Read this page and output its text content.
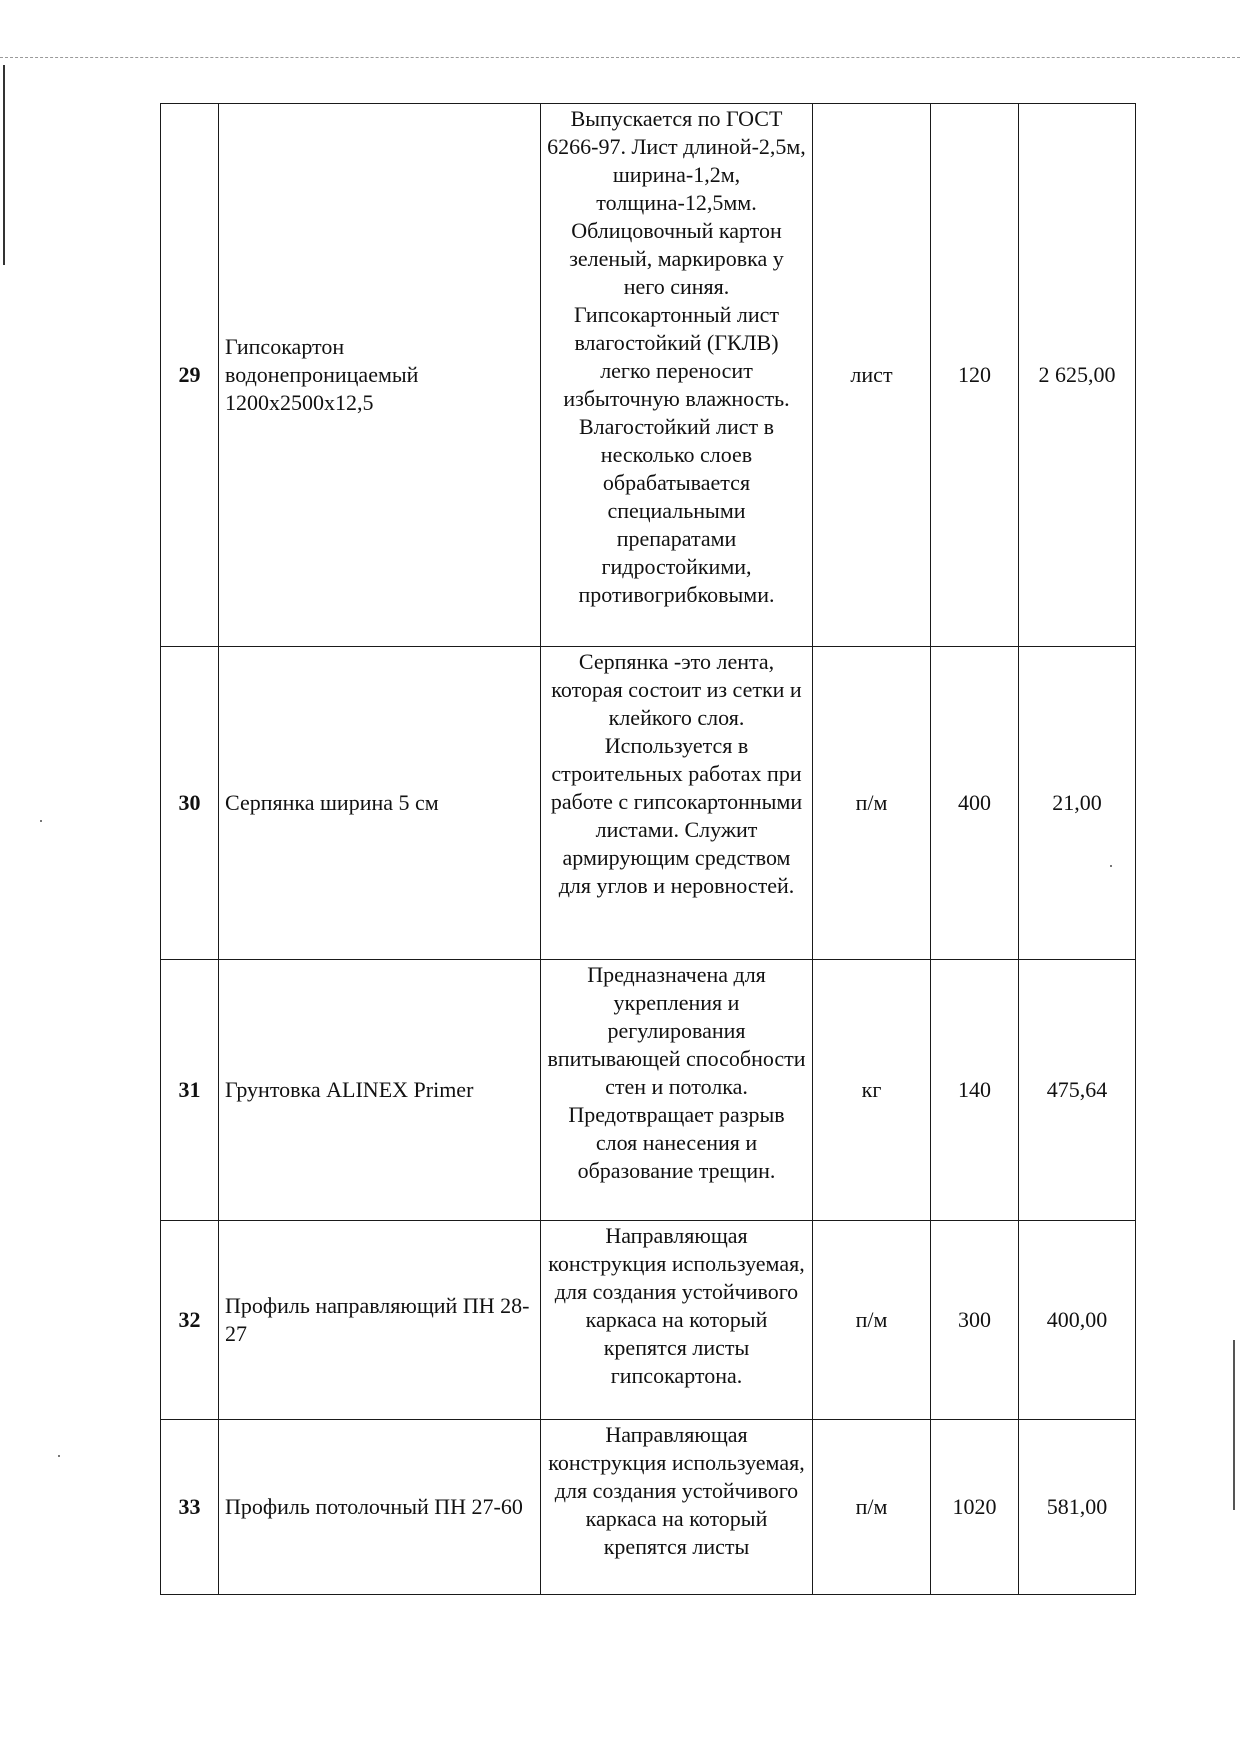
29	Гипсокартон водонепроницаемый 1200х2500х12,5	Выпускается по ГОСТ 6266-97. Лист длиной-2,5м, ширина-1,2м, толщина-12,5мм. Облицовочный картон зеленый, маркировка у него синяя. Гипсокартонный лист влагостойкий (ГКЛВ) легко переносит избыточную влажность. Влагостойкий лист в несколько слоев обрабатывается специальными препаратами гидростойкими, противогрибковыми.	лист	120	2 625,00
30	Серпянка ширина 5 см	Серпянка -это лента, которая состоит из сетки и клейкого слоя. Используется в строительных работах при работе с гипсокартонными листами. Служит армирующим средством для углов и неровностей.	п/м	400	21,00
31	Грунтовка ALINEX Primer	Предназначена для укрепления и регулирования впитывающей способности стен и потолка. Предотвращает разрыв слоя нанесения и образование трещин.	кг	140	475,64
32	Профиль направляющий ПН 28-27	Направляющая конструкция используемая, для создания устойчивого каркаса на который крепятся листы гипсокартона.	п/м	300	400,00
33	Профиль потолочный ПН 27-60	Направляющая конструкция используемая, для создания устойчивого каркаса на который крепятся листы	п/м	1020	581,00
